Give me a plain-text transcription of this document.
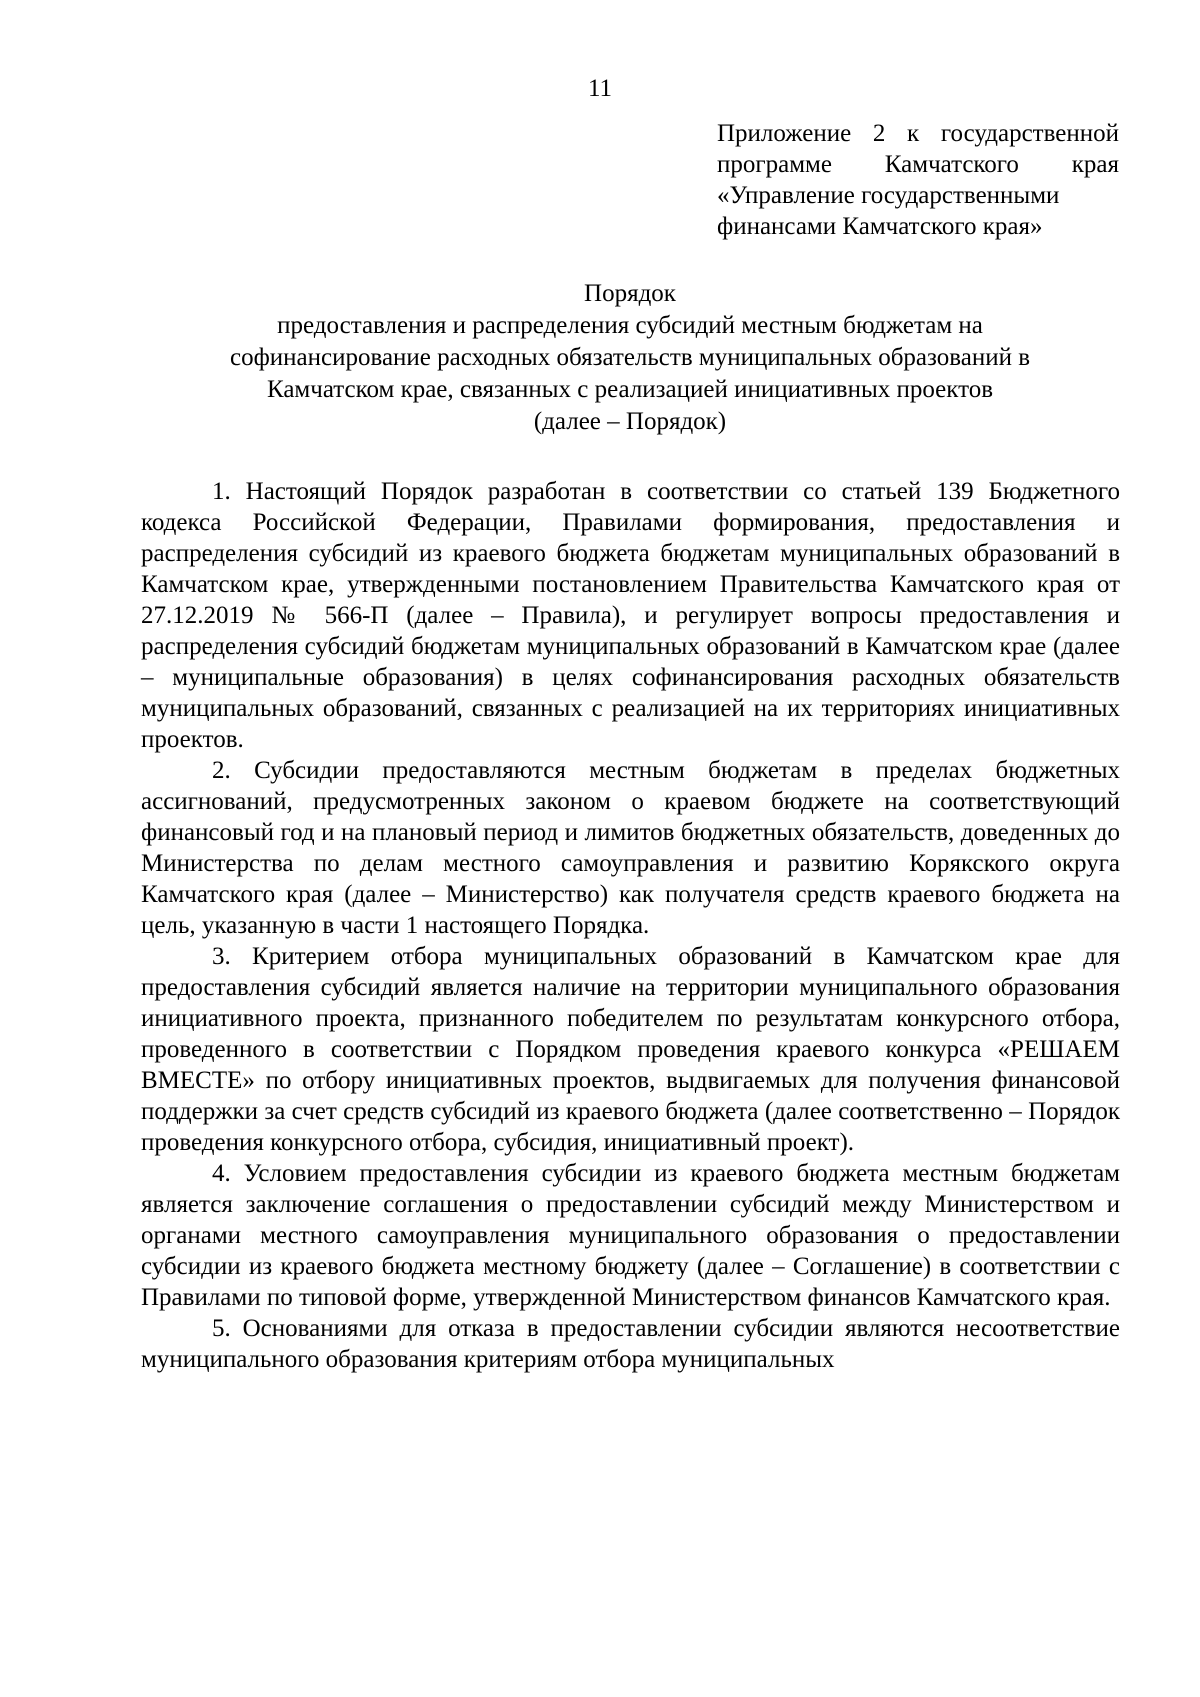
11
Приложение 2 к государственной
программе Камчатского края
«Управление государственными
финансами Камчатского края»
Порядок
предоставления и распределения субсидий местным бюджетам на
софинансирование расходных обязательств муниципальных образований в
Камчатском крае, связанных с реализацией инициативных проектов
(далее – Порядок)

1. Настоящий Порядок разработан в соответствии со статьей 139 Бюджетного кодекса Российской Федерации, Правилами формирования, предоставления и распределения субсидий из краевого бюджета бюджетам муниципальных образований в Камчатском крае, утвержденными постановлением Правительства Камчатского края от 27.12.2019 № 566-П (далее – Правила), и регулирует вопросы предоставления и распределения субсидий бюджетам муниципальных образований в Камчатском крае (далее – муниципальные образования) в целях софинансирования расходных обязательств муниципальных образований, связанных с реализацией на их территориях инициативных проектов.

2. Субсидии предоставляются местным бюджетам в пределах бюджетных ассигнований, предусмотренных законом о краевом бюджете на соответствующий финансовый год и на плановый период и лимитов бюджетных обязательств, доведенных до Министерства по делам местного самоуправления и развитию Корякского округа Камчатского края (далее – Министерство) как получателя средств краевого бюджета на цель, указанную в части 1 настоящего Порядка.

3. Критерием отбора муниципальных образований в Камчатском крае для предоставления субсидий является наличие на территории муниципального образования инициативного проекта, признанного победителем по результатам конкурсного отбора, проведенного в соответствии с Порядком проведения краевого конкурса «РЕШАЕМ ВМЕСТЕ» по отбору инициативных проектов, выдвигаемых для получения финансовой поддержки за счет средств субсидий из краевого бюджета (далее соответственно – Порядок проведения конкурсного отбора, субсидия, инициативный проект).

4. Условием предоставления субсидии из краевого бюджета местным бюджетам является заключение соглашения о предоставлении субсидий между Министерством и органами местного самоуправления муниципального образования о предоставлении субсидии из краевого бюджета местному бюджету (далее – Соглашение) в соответствии с Правилами по типовой форме, утвержденной Министерством финансов Камчатского края.

5. Основаниями для отказа в предоставлении субсидии являются несоответствие муниципального образования критериям отбора муниципальных
